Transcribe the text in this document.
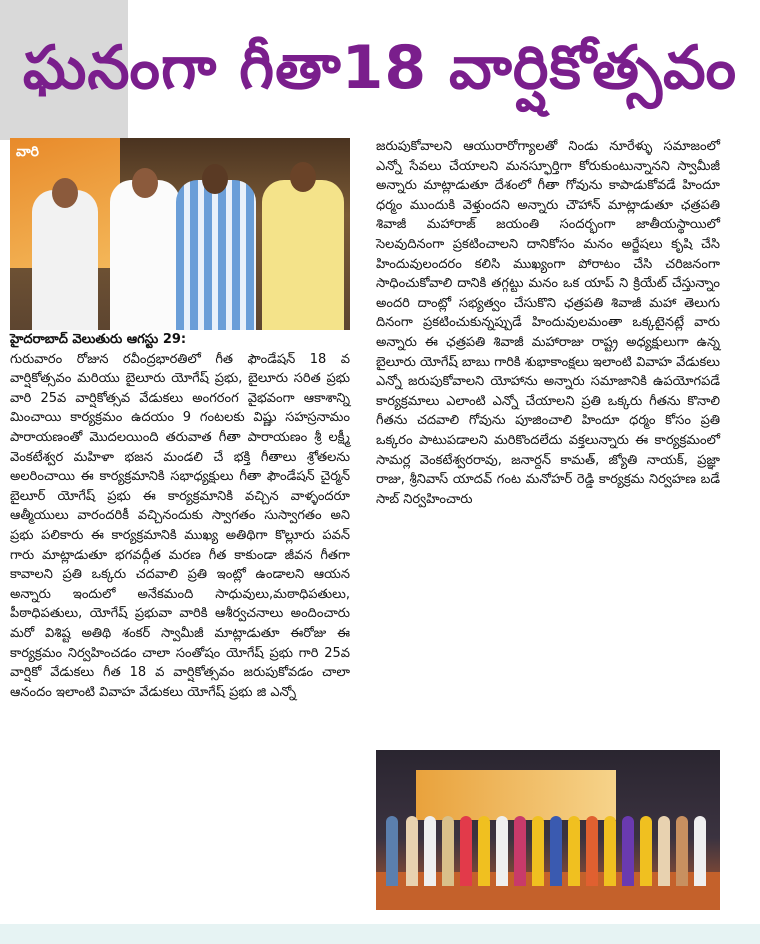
ఘనంగా గీతా18 వార్షికోత్సవం
వారి

హైదరాబాద్ వెలుతురు ఆగస్టు 29:

గురువారం రోజున రవీంద్రభారతిలో గీత ఫౌండేషన్ 18 వ వార్షికోత్సవం మరియు బైలూరు యోగేష్ ప్రభు, బైలూరు సరిత ప్రభు వారి 25వ వార్షికోత్సవ వేడుకలు అంగరంగ వైభవంగా ఆకాశాన్ని మించాయి కార్యక్రమం ఉదయం 9 గంటలకు విష్ణు సహస్రనామం పారాయణంతో మొదలయింది తరువాత గీతా పారాయణం శ్రీ లక్ష్మీ వెంకటేశ్వర మహిళా భజన మండలి చే భక్తి గీతాలు శ్రోతలను అలరించాయి ఈ కార్యక్రమానికి సభాధ్యక్షులు గీతా ఫౌండేషన్ చైర్మన్ బైలూర్ యోగేష్ ప్రభు ఈ కార్యక్రమానికి వచ్చిన వాళ్ళందరూ ఆత్మీయులు వారందరికీ వచ్చినందుకు స్వాగతం సుస్వాగతం అని ప్రభు పలికారు ఈ కార్యక్రమానికి ముఖ్య అతిథిగా కొల్లూరు పవన్ గారు మాట్లాడుతూ భగవద్గీత మరణ గీత కాకుండా జీవన గీతగా కావాలని ప్రతి ఒక్కరు చదవాలి ప్రతి ఇంట్లో ఉండాలని ఆయన అన్నారు ఇందులో అనేకమంది సాధువులు,మఠాధిపతులు, పీఠాధిపతులు, యోగేష్ ప్రభువా వారికి ఆశీర్వచనాలు అందించారు మరో విశిష్ట అతిథి శంకర్ స్వామీజీ మాట్లాడుతూ ఈరోజు ఈ కార్యక్రమం నిర్వహించడం చాలా సంతోషం యోగేష్ ప్రభు గారి 25వ వార్షికో వేడుకలు గీత 18 వ వార్షికోత్సవం జరుపుకోవడం చాలా ఆనందం ఇలాంటి వివాహ వేడుకలు యోగేష్ ప్రభు జి ఎన్నో

జరుపుకోవాలని ఆయురారోగ్యాలతో నిండు నూరేళ్ళు సమాజంలో ఎన్నో సేవలు చేయాలని మనస్ఫూర్తిగా కోరుకుంటున్నానని స్వామీజీ అన్నారు మాట్లాడుతూ దేశంలో గీతా గోవును కాపాడుకోవడే హిందూ ధర్మం ముందుకి వెళ్తుందని అన్నారు చౌహాన్ మాట్లాడుతూ ఛత్రపతి శివాజీ మహారాజ్ జయంతి సందర్భంగా జాతీయస్థాయిలో సెలవుదినంగా ప్రకటించాలని దానికోసం మనం అర్జేషలు కృషి చేసి హిందువులందరం కలిసి ముఖ్యంగా పోరాటం చేసి చరిజనంగా సాధించుకోవాలి దానికి తగ్గట్టు మనం ఒక యాప్ ని క్రియేట్ చేస్తున్నాం అందరి దాంట్లో సభ్యత్వం చేసుకొని ఛత్రపతి శివాజీ మహా తెలుగు దినంగా ప్రకటించుకున్నప్పుడే హిందువులమంతా ఒక్కటైనట్లే వారు అన్నారు ఈ ఛత్రపతి శివాజీ మహారాజు రాష్ట్ర అధ్యక్షులుగా ఉన్న బైలూరు యోగేష్ బాబు గారికి శుభాకాంక్షలు ఇలాంటి వివాహ వేడుకలు ఎన్నో జరుపుకోవాలని యోహాను అన్నారు సమాజానికి ఉపయోగపడే కార్యక్రమాలు ఎలాంటి ఎన్నో చేయాలని ప్రతి ఒక్కరు గీతను కొనాలి గీతను చదవాలి గోవును పూజించాలి హిందూ ధర్మం కోసం ప్రతి ఒక్కరం పాటుపడాలని మరికొందలేదు వక్తలున్నారు ఈ కార్యక్రమంలో సామర్ల వెంకటేశ్వరరావు, జనార్దన్ కామత్, జ్యోతి నాయక్, ప్రజ్ఞా రాజు, శ్రీనివాస్ యాదవ్ గంట మనోహర్ రెడ్డి కార్యక్రమ నిర్వహణ బడే సాబ్ నిర్వహించారు
